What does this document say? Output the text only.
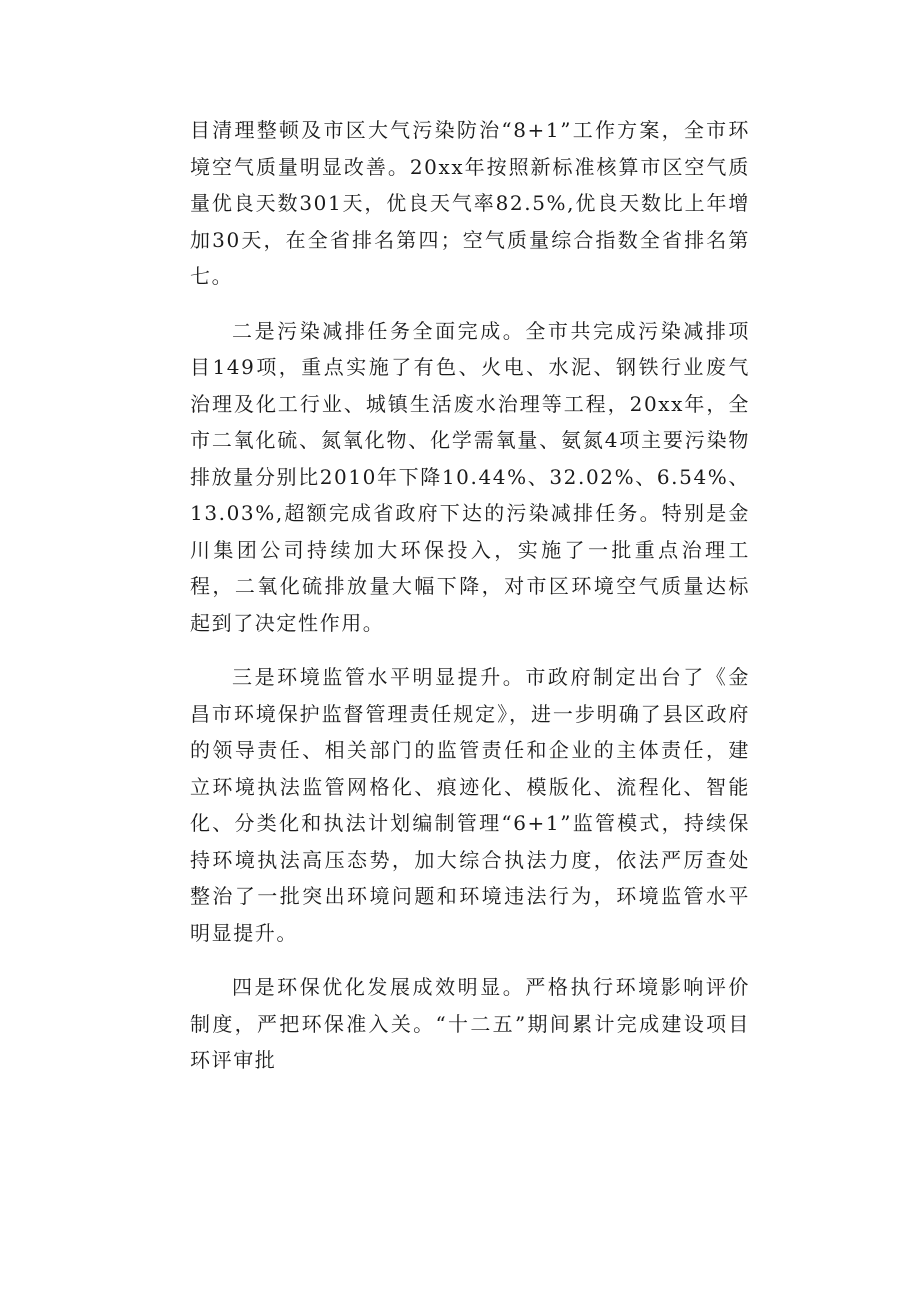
目清理整顿及市区大气污染防治“8+1”工作方案，全市环境空气质量明显改善。20xx年按照新标准核算市区空气质量优良天数301天，优良天气率82.5%,优良天数比上年增加30天，在全省排名第四；空气质量综合指数全省排名第七。

二是污染减排任务全面完成。全市共完成污染减排项目149项，重点实施了有色、火电、水泥、钢铁行业废气治理及化工行业、城镇生活废水治理等工程，20xx年，全市二氧化硫、氮氧化物、化学需氧量、氨氮4项主要污染物排放量分别比2010年下降10.44%、32.02%、6.54%、13.03%,超额完成省政府下达的污染减排任务。特别是金川集团公司持续加大环保投入，实施了一批重点治理工程，二氧化硫排放量大幅下降，对市区环境空气质量达标起到了决定性作用。

三是环境监管水平明显提升。市政府制定出台了《金昌市环境保护监督管理责任规定》，进一步明确了县区政府的领导责任、相关部门的监管责任和企业的主体责任，建立环境执法监管网格化、痕迹化、模版化、流程化、智能化、分类化和执法计划编制管理“6+1”监管模式，持续保持环境执法高压态势，加大综合执法力度，依法严厉查处整治了一批突出环境问题和环境违法行为，环境监管水平明显提升。

四是环保优化发展成效明显。严格执行环境影响评价制度，严把环保准入关。“十二五”期间累计完成建设项目环评审批
